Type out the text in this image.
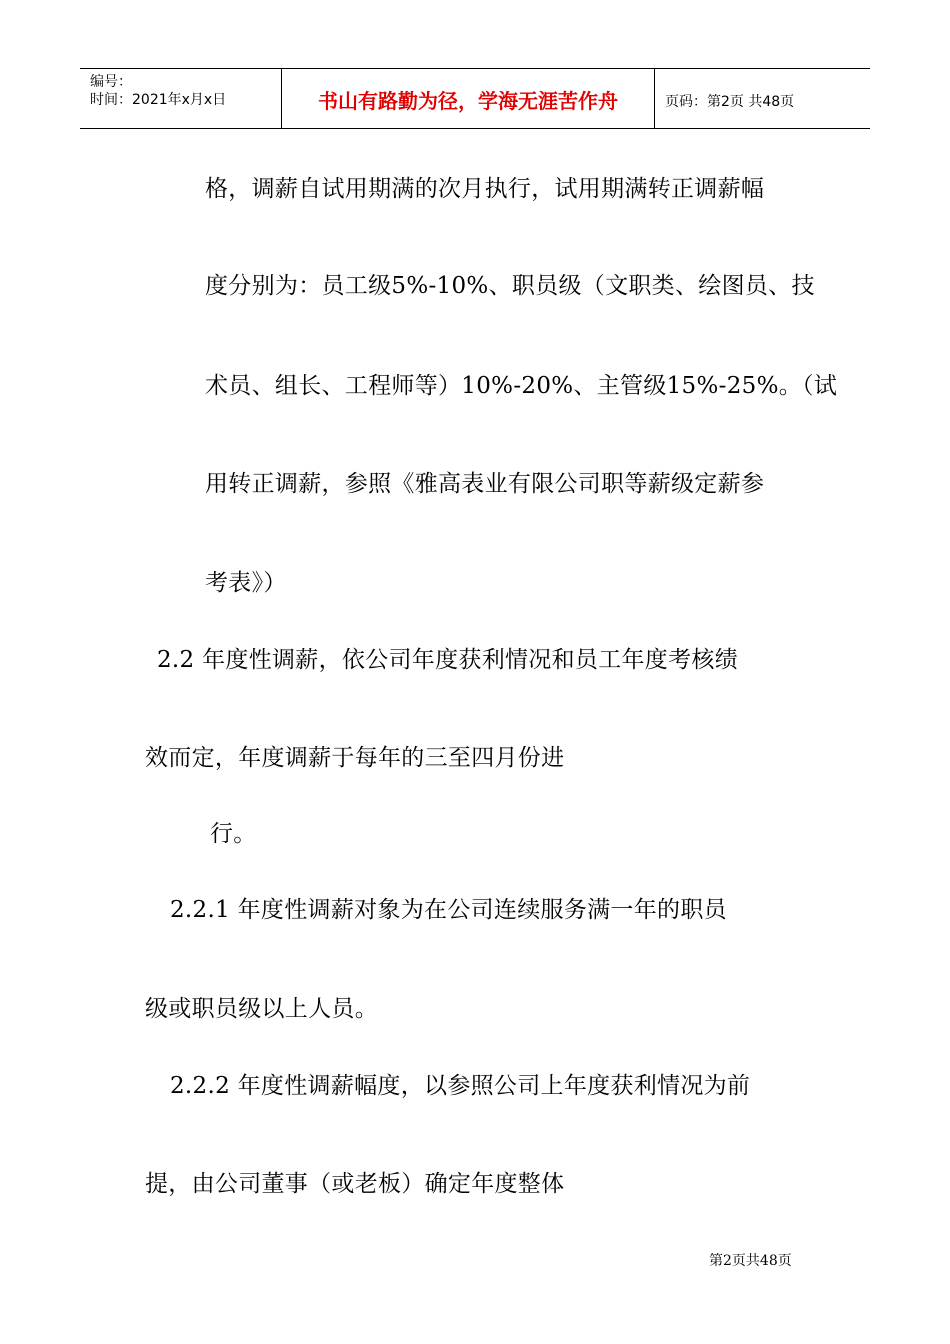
编号：
时间：2021年x月x日	书山有路勤为径，学海无涯苦作舟	页码：第2页 共48页

格，调薪自试用期满的次月执行，试用期满转正调薪幅

度分别为：员工级5%-10%、职员级（文职类、绘图员、技

术员、组长、工程师等）10%-20%、主管级15%-25%。（试

用转正调薪，参照《雅高表业有限公司职等薪级定薪参

考表》）

2.2 年度性调薪，依公司年度获利情况和员工年度考核绩

效而定，年度调薪于每年的三至四月份进

行。

2.2.1 年度性调薪对象为在公司连续服务满一年的职员

级或职员级以上人员。

2.2.2 年度性调薪幅度，以参照公司上年度获利情况为前

提，由公司董事（或老板）确定年度整体

第2页共48页
